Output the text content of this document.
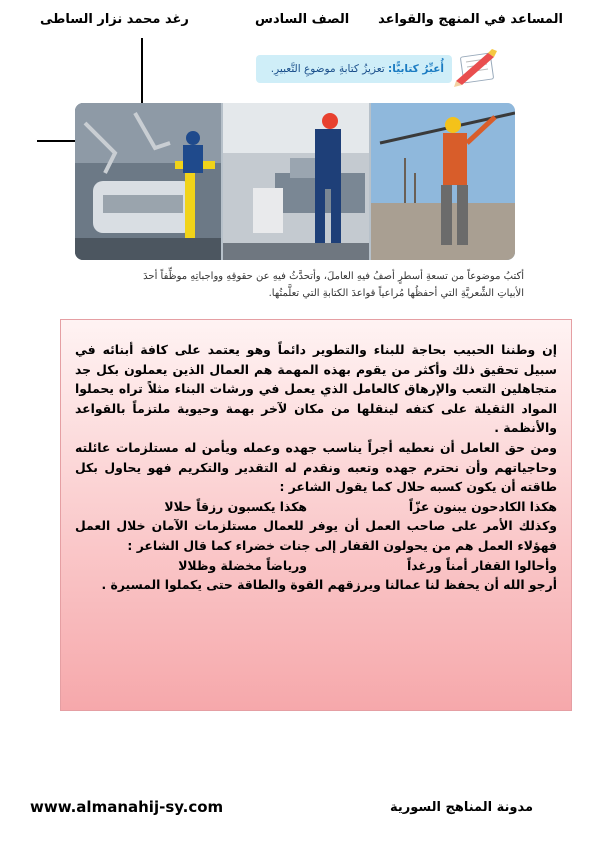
المساعد في المنهج والقواعد
الصف السادس
رغد محمد نزار الساطى
أُعبِّرُ كتابيًّا: تعزيزُ كتابةِ موضوعِ التَّعبيرِ.
أكتبُ موضوعاً من تسعةِ أسطرٍ أصفُ فيهِ العاملَ، وأتحدَّثُ فيهِ عن حقوقِهِ وواجباتِهِ موظِّفاً أحدَ
الأبياتِ الشِّعريَّةِ التي أحفظُها مُراعياً قواعدَ الكتابةِ التي تعلَّمتُها.

إن وطننا الحبيب بحاجة للبناء والتطوير دائماً وهو يعتمد على كافة أبنائه في سبيل تحقيق ذلك وأكثر من يقوم بهذه المهمة هم العمال الذين يعملون بكل جد متجاهلين التعب والإرهاق كالعامل الذي يعمل في ورشات البناء مثلاً تراه يحملوا المواد الثقيلة على كتفه لينقلها من مكان لآخر بهمة وحيوية ملتزماً بالقواعد والأنظمة .

ومن حق العامل أن نعطيه أجراً يناسب جهده وعمله ويأمن له مستلزمات عائلته وحاجياتهم وأن نحترم جهده وتعبه ونقدم له التقدير والتكريم فهو يحاول بكل طاقته أن يكون كسبه حلال كما يقول الشاعر :

هكذا الكادحون يبنون عزّاً
هكذا يكسبون رزقاً حلالا

وكذلك الأمر على صاحب العمل أن يوفر للعمال مستلزمات الآمان خلال العمل فهؤلاء العمل هم من يحولون القفار إلى جنات خضراء كما قال الشاعر :

وأحالوا القفار أمناً ورغداً
ورياضاً مخضلة وظلالا

أرجو الله أن يحفظ لنا عمالنا ويرزقهم القوة والطاقة حتى يكملوا المسيرة .

www.almanahij-sy.com	مدونة المناهج السورية
